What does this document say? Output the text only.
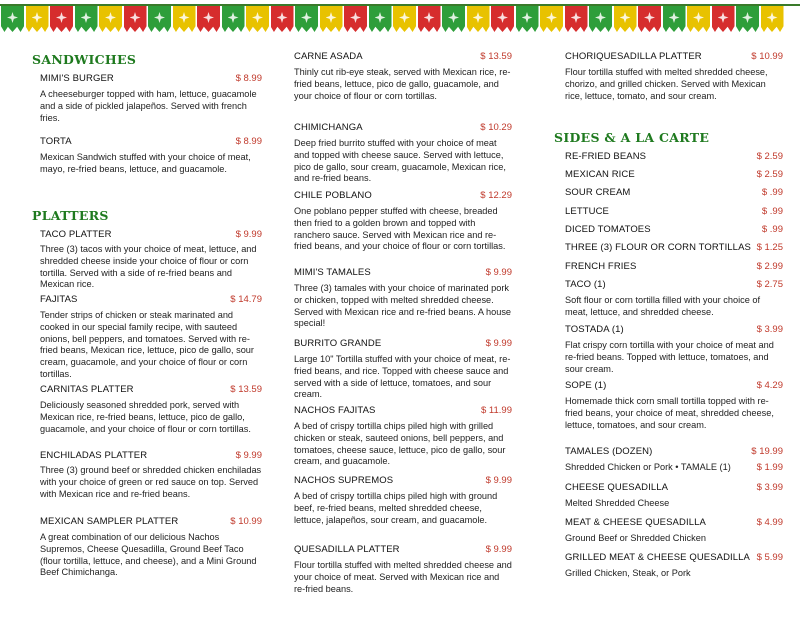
SANDWICHES
MIMI'S BURGER	$ 8.99
A cheeseburger topped with ham, lettuce, guacamole and a side of pickled jalapeños. Served with french fries.
TORTA	$ 8.99
Mexican Sandwich stuffed with your choice of meat, mayo, re-fried beans, lettuce, and guacamole.
PLATTERS
TACO PLATTER	$ 9.99
Three (3) tacos with your choice of meat, lettuce, and shredded cheese inside your choice of flour or corn tortilla. Served with a side of re-fried beans and Mexican rice.
FAJITAS	$ 14.79
Tender strips of chicken or steak marinated and cooked in our special family recipe, with sauteed onions, bell peppers, and tomatoes. Served with re-fried beans, Mexican rice, lettuce, pico de gallo, sour cream, guacamole, and your choice of flour or corn tortillas.
CARNITAS PLATTER	$ 13.59
Deliciously seasoned shredded pork, served with Mexican rice, re-fried beans, lettuce, pico de gallo, guacamole, and your choice of flour or corn tortillas.
ENCHILADAS PLATTER	$ 9.99
Three (3) ground beef or shredded chicken enchiladas with your choice of green or red sauce on top. Served with Mexican rice and re-fried beans.
MEXICAN SAMPLER PLATTER	$ 10.99
A great combination of our delicious Nachos Supremos, Cheese Quesadilla, Ground Beef Taco (flour tortilla, lettuce, and cheese), and a Mini Ground Beef Chimichanga.
CARNE ASADA	$ 13.59
Thinly cut rib-eye steak, served with Mexican rice, re-fried beans, lettuce, pico de gallo, guacamole, and your choice of flour or corn tortillas.
CHIMICHANGA	$ 10.29
Deep fried burrito stuffed with your choice of meat and topped with cheese sauce. Served with lettuce, pico de gallo, sour cream, guacamole, Mexican rice, and re-fried beans.
CHILE POBLANO	$ 12.29
One poblano pepper stuffed with cheese, breaded then fried to a golden brown and topped with ranchero sauce. Served with Mexican rice and re-fried beans, and your choice of flour or corn tortillas.
MIMI'S TAMALES	$ 9.99
Three (3) tamales with your choice of marinated pork or chicken, topped with melted shredded cheese. Served with Mexican rice and re-fried beans. A house special!
BURRITO GRANDE	$ 9.99
Large 10" Tortilla stuffed with your choice of meat, re-fried beans, and rice. Topped with cheese sauce and served with a side of lettuce, tomatoes, and sour cream.
NACHOS FAJITAS	$ 11.99
A bed of crispy tortilla chips piled high with grilled chicken or steak, sauteed onions, bell peppers, and tomatoes, cheese sauce, lettuce, pico de gallo, sour cream, and guacamole.
NACHOS SUPREMOS	$ 9.99
A bed of crispy tortilla chips piled high with ground beef, re-fried beans, melted shredded cheese, lettuce, jalapeños, sour cream, and guacamole.
QUESADILLA PLATTER	$ 9.99
Flour tortilla stuffed with melted shredded cheese and your choice of meat. Served with Mexican rice and re-fried beans.
CHORIQUESADILLA PLATTER	$ 10.99
Flour tortilla stuffed with melted shredded cheese, chorizo, and grilled chicken. Served with Mexican rice, lettuce, tomato, and sour cream.
SIDES & A LA CARTE
RE-FRIED BEANS	$ 2.59
MEXICAN RICE	$ 2.59
SOUR CREAM	$ .99
LETTUCE	$ .99
DICED TOMATOES	$ .99
THREE (3) FLOUR OR CORN TORTILLAS $ 1.25
FRENCH FRIES	$ 2.99
TACO (1)	$ 2.75
Soft flour or corn tortilla filled with your choice of meat, lettuce, and shredded cheese.
TOSTADA (1)	$ 3.99
Flat crispy corn tortilla with your choice of meat and re-fried beans. Topped with lettuce, tomatoes, and sour cream.
SOPE (1)	$ 4.29
Homemade thick corn small tortilla topped with re-fried beans, your choice of meat, shredded cheese, lettuce, tomatoes, and sour cream.
TAMALES (DOZEN)	$ 19.99
Shredded Chicken or Pork • TAMALE (1)	$ 1.99
CHEESE QUESADILLA	$ 3.99
Melted Shredded Cheese
MEAT & CHEESE QUESADILLA	$ 4.99
Ground Beef or Shredded Chicken
GRILLED MEAT & CHEESE QUESADILLA $ 5.99
Grilled Chicken, Steak, or Pork
